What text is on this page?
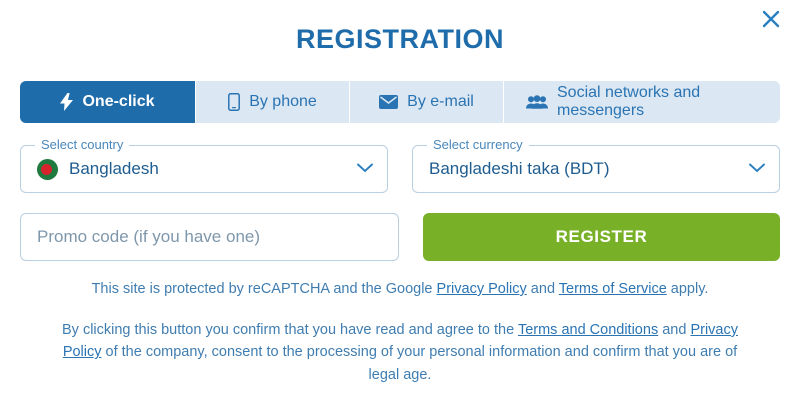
REGISTRATION
One-click	By phone	By e-mail
Social networks and messengers
Select country
Bangladesh
Select currency
Bangladeshi taka (BDT)
Promo code (if you have one)
REGISTER
This site is protected by reCAPTCHA and the Google Privacy Policy and Terms of Service apply.
By clicking this button you confirm that you have read and agree to the Terms and Conditions and Privacy Policy of the company, consent to the processing of your personal information and confirm that you are of legal age.
